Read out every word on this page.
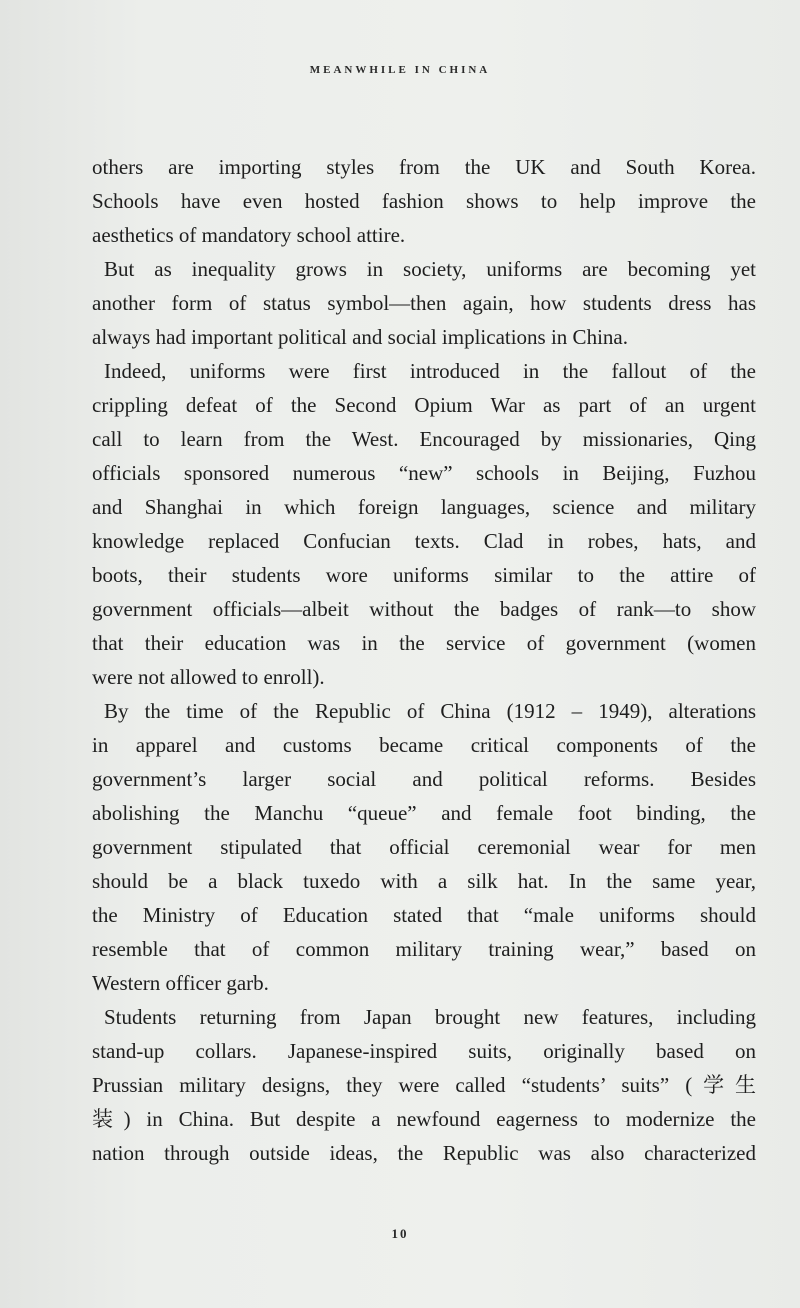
MEANWHILE IN CHINA
others are importing styles from the UK and South Korea.
Schools have even hosted fashion shows to help improve the
aesthetics of mandatory school attire.
But as inequality grows in society, uniforms are becoming yet
another form of status symbol—then again, how students dress has
always had important political and social implications in China.
Indeed, uniforms were first introduced in the fallout of the
crippling defeat of the Second Opium War as part of an urgent
call to learn from the West. Encouraged by missionaries, Qing
officials sponsored numerous “new” schools in Beijing, Fuzhou
and Shanghai in which foreign languages, science and military
knowledge replaced Confucian texts. Clad in robes, hats, and
boots, their students wore uniforms similar to the attire of
government officials—albeit without the badges of rank—to show
that their education was in the service of government (women
were not allowed to enroll).
By the time of the Republic of China (1912 – 1949), alterations
in apparel and customs became critical components of the
government’s larger social and political reforms. Besides
abolishing the Manchu “queue” and female foot binding, the
government stipulated that official ceremonial wear for men
should be a black tuxedo with a silk hat. In the same year,
the Ministry of Education stated that “male uniforms should
resemble that of common military training wear,” based on
Western officer garb.
Students returning from Japan brought new features, including
stand-up collars. Japanese-inspired suits, originally based on
Prussian military designs, they were called “students’ suits” (学生
装) in China. But despite a newfound eagerness to modernize the
nation through outside ideas, the Republic was also characterized
10
